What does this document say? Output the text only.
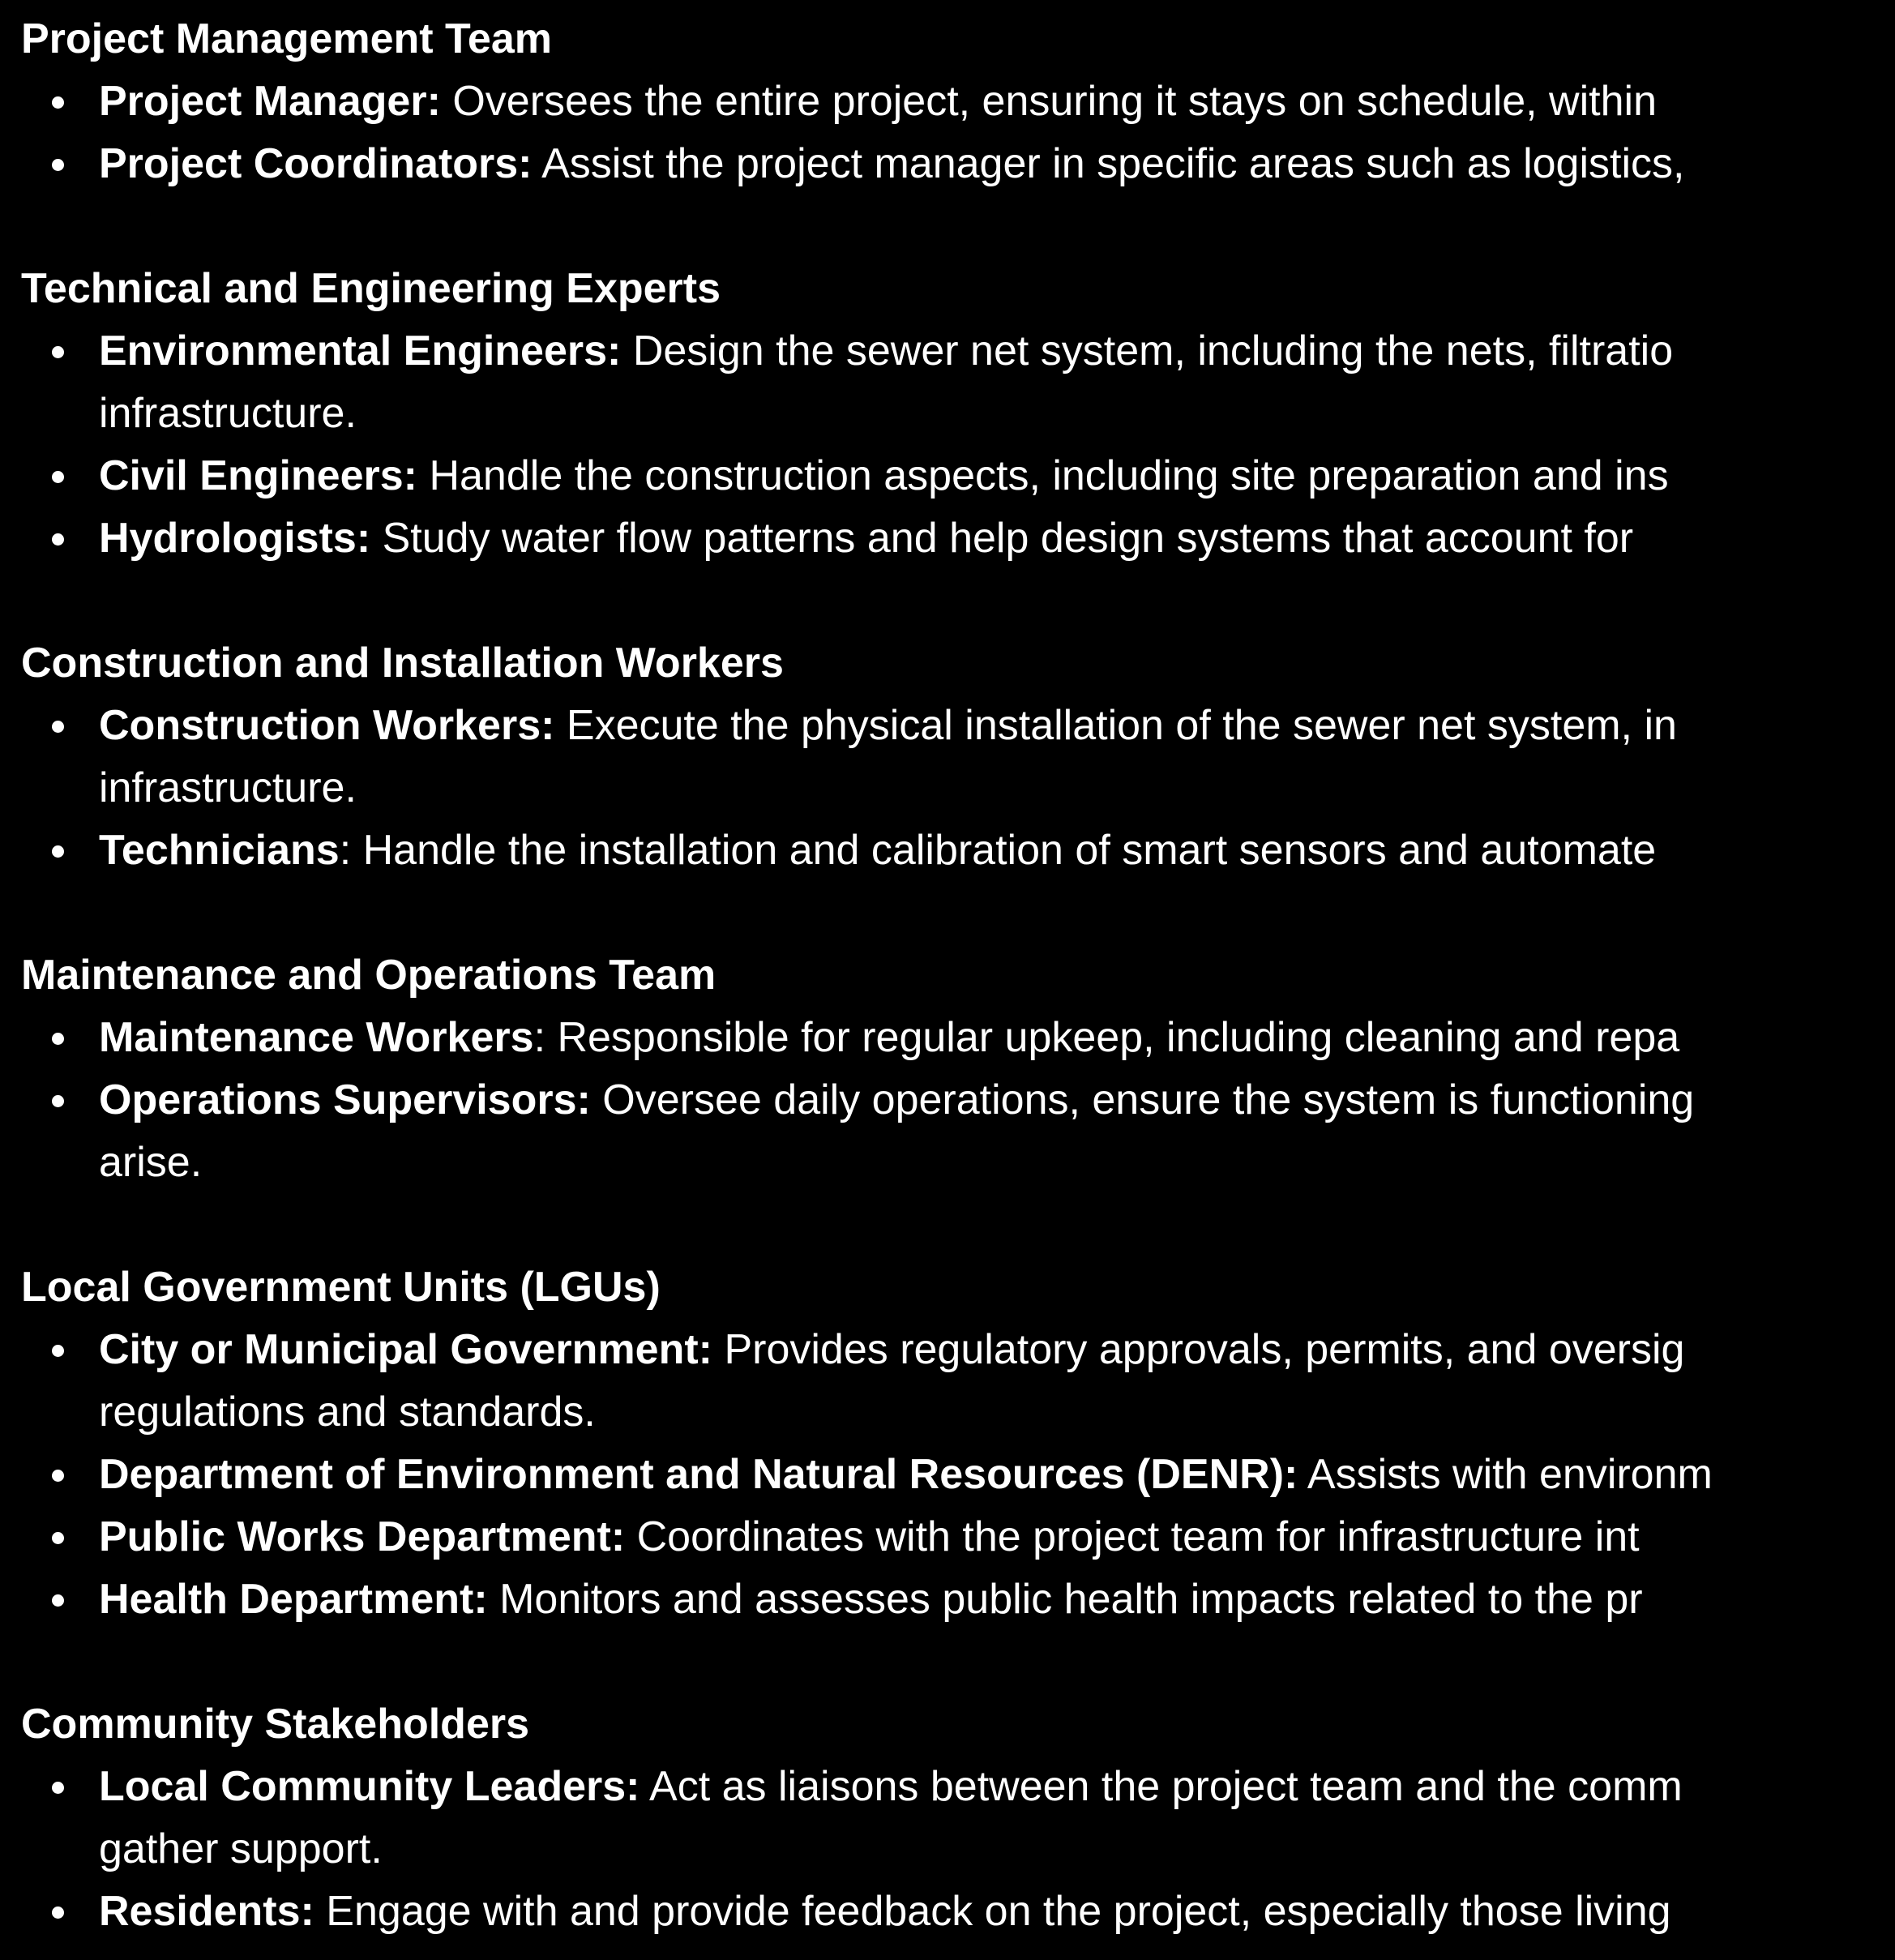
Project Management Team
Project Manager: Oversees the entire project, ensuring it stays on schedule, within
Project Coordinators: Assist the project manager in specific areas such as logistics,
Technical and Engineering Experts
Environmental Engineers: Design the sewer net system, including the nets, filtratio
infrastructure.
Civil Engineers: Handle the construction aspects, including site preparation and ins
Hydrologists: Study water flow patterns and help design systems that account for
Construction and Installation Workers
Construction Workers: Execute the physical installation of the sewer net system, in
infrastructure.
Technicians: Handle the installation and calibration of smart sensors and automate
Maintenance and Operations Team
Maintenance Workers: Responsible for regular upkeep, including cleaning and repa
Operations Supervisors: Oversee daily operations, ensure the system is functioning
arise.
Local Government Units (LGUs)
City or Municipal Government: Provides regulatory approvals, permits, and oversig
regulations and standards.
Department of Environment and Natural Resources (DENR): Assists with environm
Public Works Department: Coordinates with the project team for infrastructure int
Health Department: Monitors and assesses public health impacts related to the pr
Community Stakeholders
Local Community Leaders: Act as liaisons between the project team and the comm
gather support.
Residents: Engage with and provide feedback on the project, especially those living
